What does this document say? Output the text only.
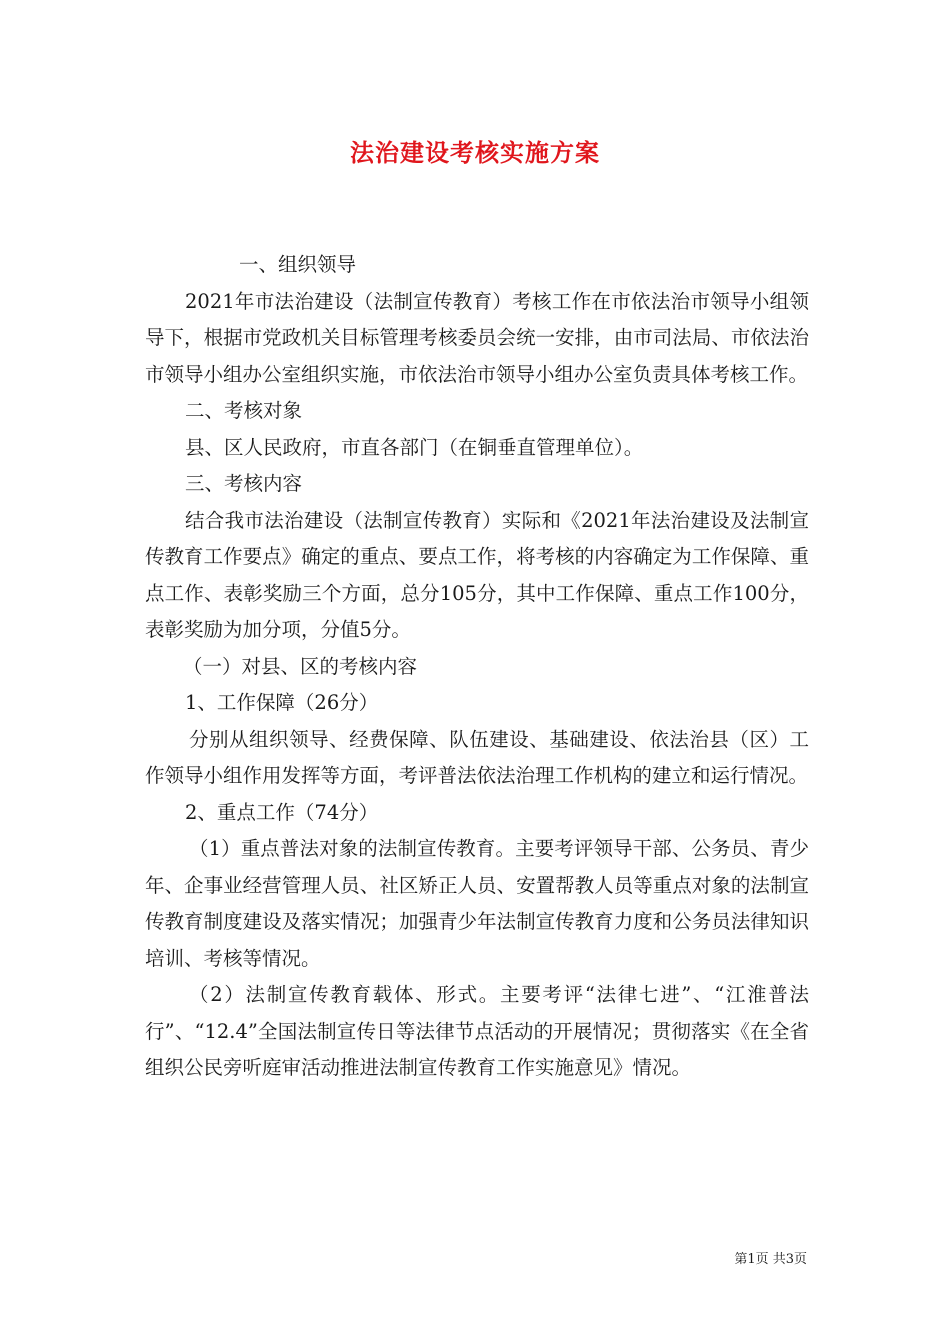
法治建设考核实施方案

一、组织领导

2021年市法治建设（法制宣传教育）考核工作在市依法治市领导小组领导下，根据市党政机关目标管理考核委员会统一安排，由市司法局、市依法治市领导小组办公室组织实施，市依法治市领导小组办公室负责具体考核工作。

二、考核对象

县、区人民政府，市直各部门（在铜垂直管理单位）。

三、考核内容

结合我市法治建设（法制宣传教育）实际和《2021年法治建设及法制宣传教育工作要点》确定的重点、要点工作，将考核的内容确定为工作保障、重点工作、表彰奖励三个方面，总分105分，其中工作保障、重点工作100分，表彰奖励为加分项，分值5分。

（一）对县、区的考核内容

1、工作保障（26分）

分别从组织领导、经费保障、队伍建设、基础建设、依法治县（区）工作领导小组作用发挥等方面，考评普法依法治理工作机构的建立和运行情况。

2、重点工作（74分）

（1）重点普法对象的法制宣传教育。主要考评领导干部、公务员、青少年、企事业经营管理人员、社区矫正人员、安置帮教人员等重点对象的法制宣传教育制度建设及落实情况；加强青少年法制宣传教育力度和公务员法律知识培训、考核等情况。

（2）法制宣传教育载体、形式。主要考评“法律七进”、“江淮普法行”、“12.4”全国法制宣传日等法律节点活动的开展情况；贯彻落实《在全省组织公民旁听庭审活动推进法制宣传教育工作实施意见》情况。

第1页 共3页
